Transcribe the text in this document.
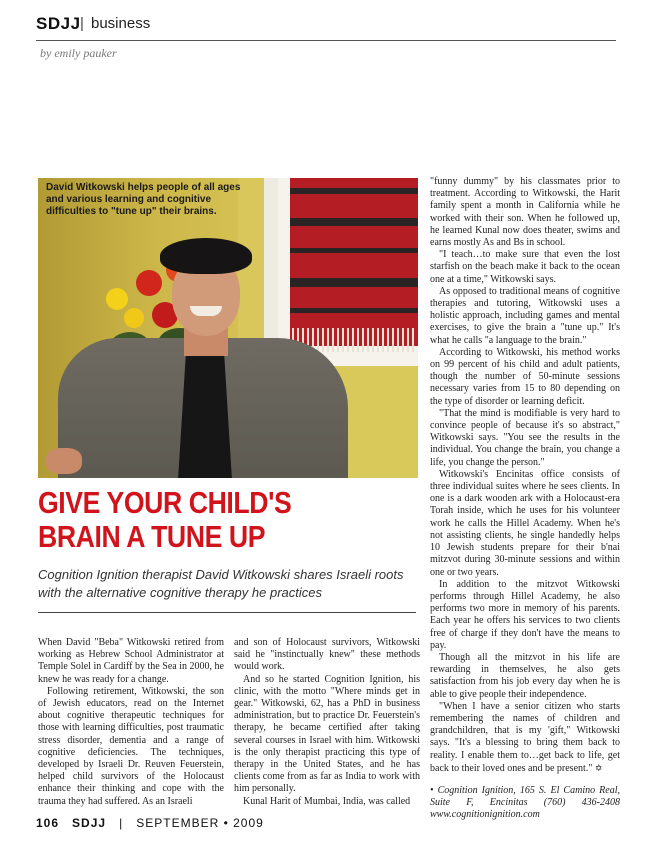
SDJJ | business
by emily pauker
David Witkowski helps people of all ages and various learning and cognitive difficulties to "tune up" their brains.
GIVE YOUR CHILD'S BRAIN A TUNE UP
Cognition Ignition therapist David Witkowski shares Israeli roots with the alternative cognitive therapy he practices

When David "Beba" Witkowski retired from working as Hebrew School Administrator at Temple Solel in Cardiff by the Sea in 2000, he knew he was ready for a change.

Following retirement, Witkowski, the son of Jewish educators, read on the Internet about cognitive therapeutic techniques for those with learning difficulties, post traumatic stress disorder, dementia and a range of cognitive deficiencies. The techniques, developed by Israeli Dr. Reuven Feuerstein, helped child survivors of the Holocaust enhance their thinking and cope with the trauma they had suffered. As an Israeli

and son of Holocaust survivors, Witkowski said he "instinctually knew" these methods would work.

And so he started Cognition Ignition, his clinic, with the motto "Where minds get in gear." Witkowski, 62, has a PhD in business administration, but to practice Dr. Feuerstein's therapy, he became certified after taking several courses in Israel with him. Witkowski is the only therapist practicing this type of therapy in the United States, and he has clients come from as far as India to work with him personally.

Kunal Harit of Mumbai, India, was called

"funny dummy" by his classmates prior to treatment. According to Witkowski, the Harit family spent a month in California while he worked with their son. When he followed up, he learned Kunal now does theater, swims and earns mostly As and Bs in school.

"I teach…to make sure that even the lost starfish on the beach make it back to the ocean one at a time," Witkowski says.

As opposed to traditional means of cognitive therapies and tutoring, Witkowski uses a holistic approach, including games and mental exercises, to give the brain a "tune up." It's what he calls "a language to the brain."

According to Witkowski, his method works on 99 percent of his child and adult patients, though the number of 50-minute sessions necessary varies from 15 to 80 depending on the type of disorder or learning deficit.

"That the mind is modifiable is very hard to convince people of because it's so abstract," Witkowski says. "You see the results in the individual. You change the brain, you change a life, you change the person."

Witkowski's Encinitas office consists of three individual suites where he sees clients. In one is a dark wooden ark with a Holocaust-era Torah inside, which he uses for his volunteer work he calls the Hillel Academy. When he's not assisting clients, he single handedly helps 10 Jewish students prepare for their b'nai mitzvot during 30-minute sessions and within one or two years.

In addition to the mitzvot Witkowski performs through Hillel Academy, he also performs two more in memory of his parents. Each year he offers his services to two clients free of charge if they don't have the means to pay.

Though all the mitzvot in his life are rewarding in themselves, he also gets satisfaction from his job every day when he is able to give people their independence.

"When I have a senior citizen who starts remembering the names of children and grandchildren, that is my 'gift," Witkowski says. "It's a blessing to bring them back to reality. I enable them to…get back to life, get back to their loved ones and be present." ✡

• Cognition Ignition, 165 S. El Camino Real, Suite F, Encinitas (760) 436-2408 www.cognitionignition.com

106 SDJJ | SEPTEMBER • 2009
